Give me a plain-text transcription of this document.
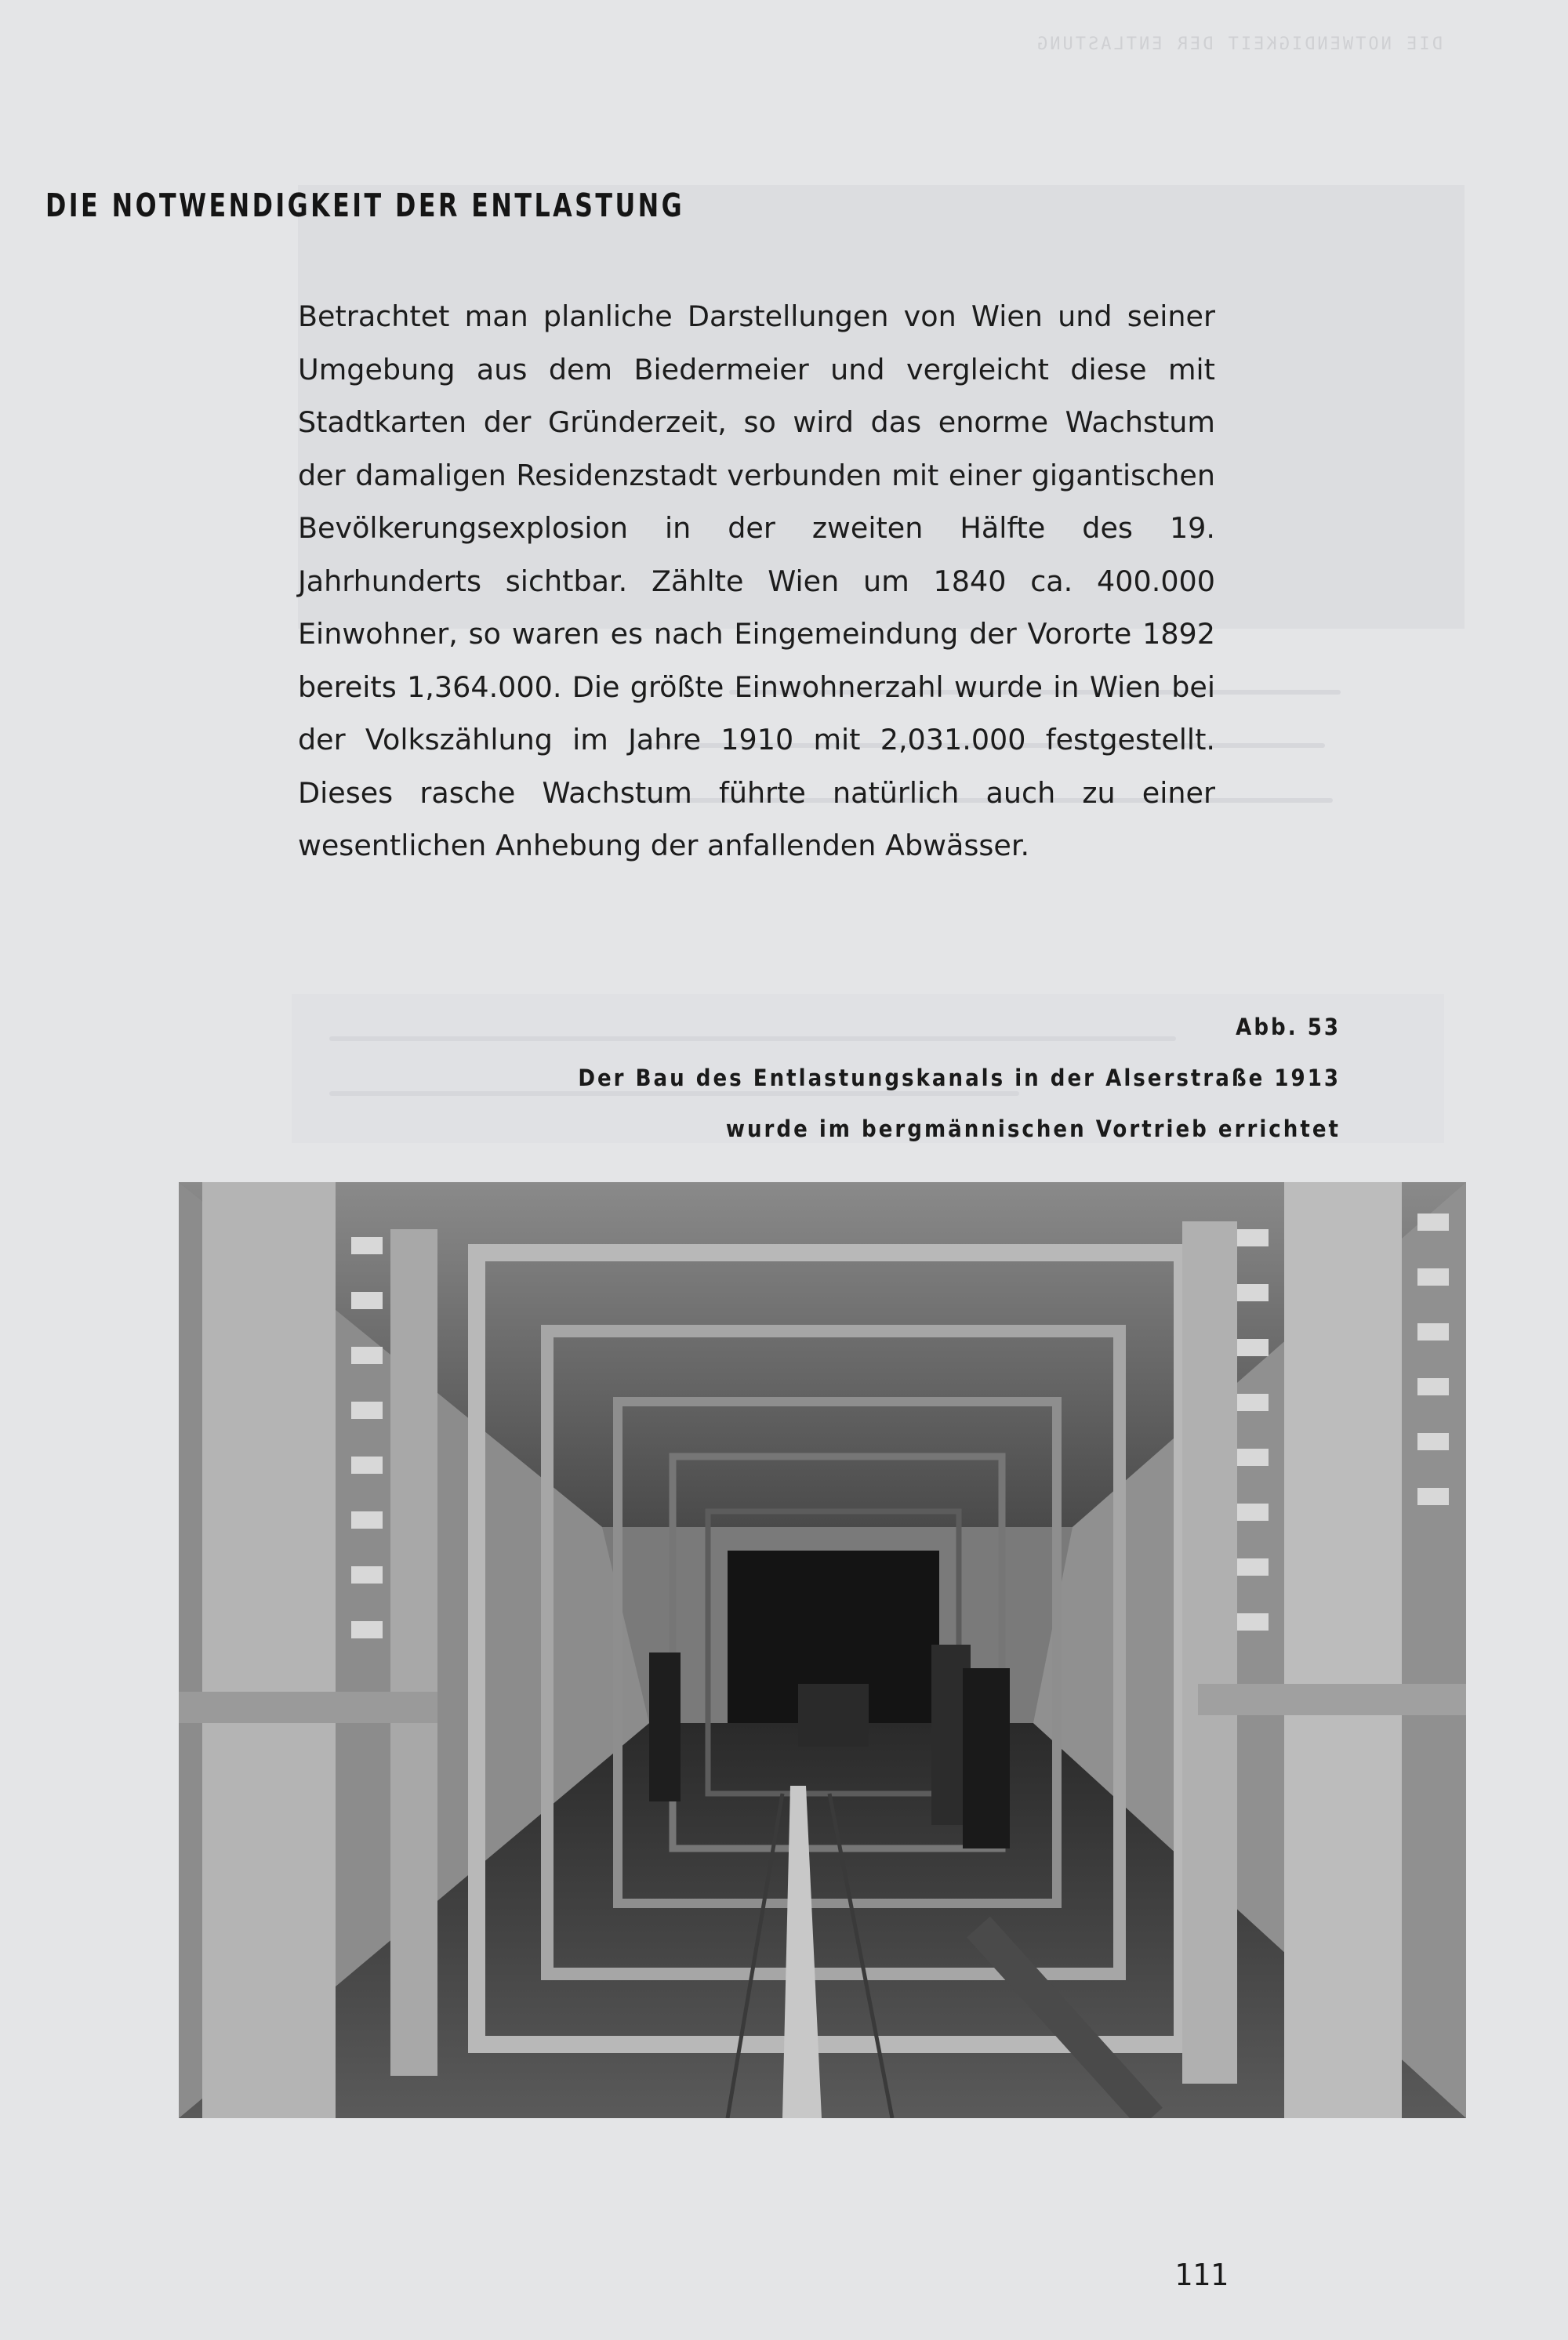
DIE NOTWENDIGKEIT DER ENTLASTUNG
DIE NOTWENDIGKEIT DER ENTLASTUNG

Betrachtet man planliche Darstellungen von Wien und seiner Umgebung aus dem Biedermeier und vergleicht diese mit Stadtkarten der Gründerzeit, so wird das enorme Wachstum der damaligen Residenzstadt verbunden mit einer gigantischen Bevölkerungsexplosion in der zweiten Hälfte des 19. Jahrhunderts sichtbar. Zählte Wien um 1840 ca. 400.000 Einwohner, so waren es nach Eingemeindung der Vororte 1892 bereits 1,364.000. Die größte Einwohnerzahl wurde in Wien bei der Volkszählung im Jahre 1910 mit 2,031.000 festgestellt. Dieses rasche Wachstum führte natürlich auch zu einer wesentlichen Anhebung der anfallenden Abwässer.

Abb. 53
Der Bau des Entlastungskanals in der Alserstraße 1913
wurde im bergmännischen Vortrieb errichtet
111
